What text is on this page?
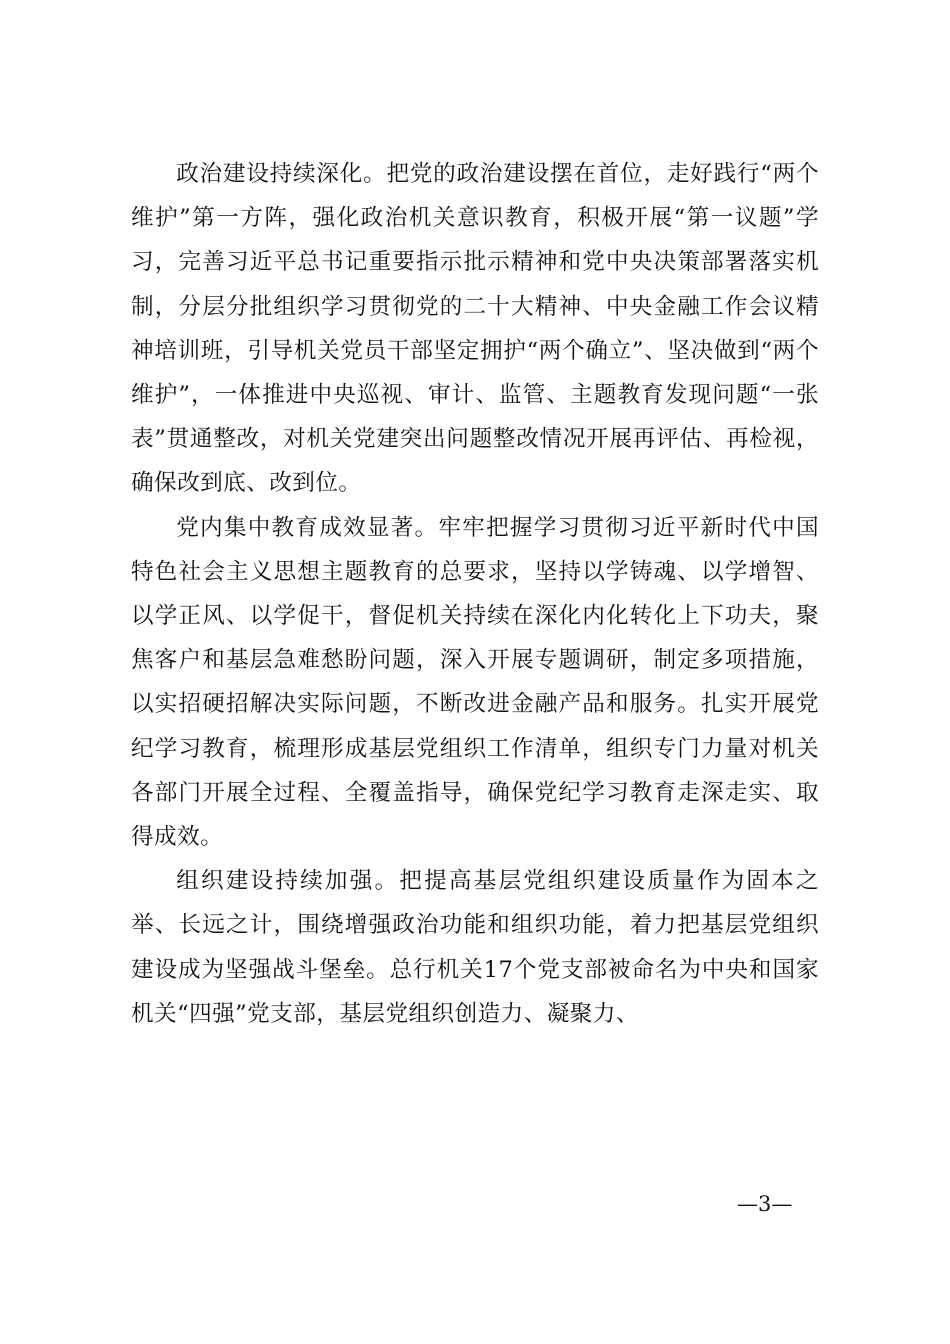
政治建设持续深化。把党的政治建设摆在首位，走好践行“两个维护”第一方阵，强化政治机关意识教育，积极开展“第一议题”学习，完善习近平总书记重要指示批示精神和党中央决策部署落实机制，分层分批组织学习贯彻党的二十大精神、中央金融工作会议精神培训班，引导机关党员干部坚定拥护“两个确立”、坚决做到“两个维护”，一体推进中央巡视、审计、监管、主题教育发现问题“一张表”贯通整改，对机关党建突出问题整改情况开展再评估、再检视，确保改到底、改到位。

党内集中教育成效显著。牢牢把握学习贯彻习近平新时代中国特色社会主义思想主题教育的总要求，坚持以学铸魂、以学增智、以学正风、以学促干，督促机关持续在深化内化转化上下功夫，聚焦客户和基层急难愁盼问题，深入开展专题调研，制定多项措施，以实招硬招解决实际问题，不断改进金融产品和服务。扎实开展党纪学习教育，梳理形成基层党组织工作清单，组织专门力量对机关各部门开展全过程、全覆盖指导，确保党纪学习教育走深走实、取得成效。

组织建设持续加强。把提高基层党组织建设质量作为固本之举、长远之计，围绕增强政治功能和组织功能，着力把基层党组织建设成为坚强战斗堡垒。总行机关17个党支部被命名为中央和国家机关“四强”党支部，基层党组织创造力、凝聚力、

—3—
